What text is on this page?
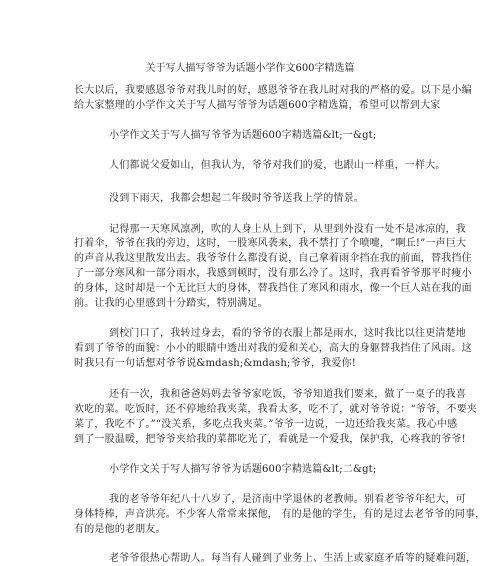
关于写人描写爷爷为话题小学作文600字精选篇
长大以后，我要感恩爷爷对我儿时的好，感恩爷爷在我儿时对我的严格的爱。以下是小编
给大家整理的小学作文关于写人描写爷爷为话题600字精选篇，希望可以帮到大家
小学作文关于写人描写爷爷为话题600字精选篇&lt;一&gt;
人们都说父爱如山，但我认为，爷爷对我们的爱，也跟山一样重，一样大。
没到下雨天，我都会想起二年级时爷爷送我上学的情景。
记得那一天寒风凛冽，吹的人身上从上到下，从里到外没有一处不是冰凉的，我
打着伞，爷爷在我的旁边，这时，一股寒风袭来，我不禁打了个喷嚏，“啊丘!”一声巨大
的声音从我这里散发出去。我爷爷什么都没有说，自己拿着雨伞挡在我的前面，替我挡住
了一部分寒风和一部分雨水，我感到顿时，没有那么冷了。这时，我再看爷爷那平时瘦小
的身体，这时却是一个无比巨大的身体，替我挡住了寒风和雨水，像一个巨人站在我的面
前。让我的心里感到十分踏实，特别满足。
到校门口了，我转过身去，看的爷爷的衣服上都是雨水，这时我比以往更清楚地
看到了爷爷的面貌：小小的眼睛中透出对我的爱和关心，高大的身躯替我挡住了风雨。这
时我只有一句话想对爷爷说&mdash;&mdash;爷爷，我爱你!
还有一次，我和爸爸妈妈去爷爷家吃饭，爷爷知道我们要来，做了一桌子的我喜
欢吃的菜。吃饭时，还不停地给我夹菜，我看太多，吃不了，就对爷爷说：“爷爷，不要夹
菜了，我吃不了。”“没关系，多吃点我夹菜。”爷爷一边说，一边还给我夹菜。我心中感
到了一股温暖，把爷爷夹给我的菜都吃光了，看就是一个爱我，保护我，心疼我的爷爷!
小学作文关于写人描写爷爷为话题600字精选篇&lt;二&gt;
我的老爷爷年纪八十八岁了，是济南中学退休的老教师。别看老爷爷年纪大，可
身体特棒，声音洪亮。不少客人常常来探他， 有的是他的学生，有的是过去老爷爷的同事，
有的是他的老朋友。
老爷爷很热心帮助人。每当有人碰到了业务上、生活上或家庭矛盾等的疑难问题，
